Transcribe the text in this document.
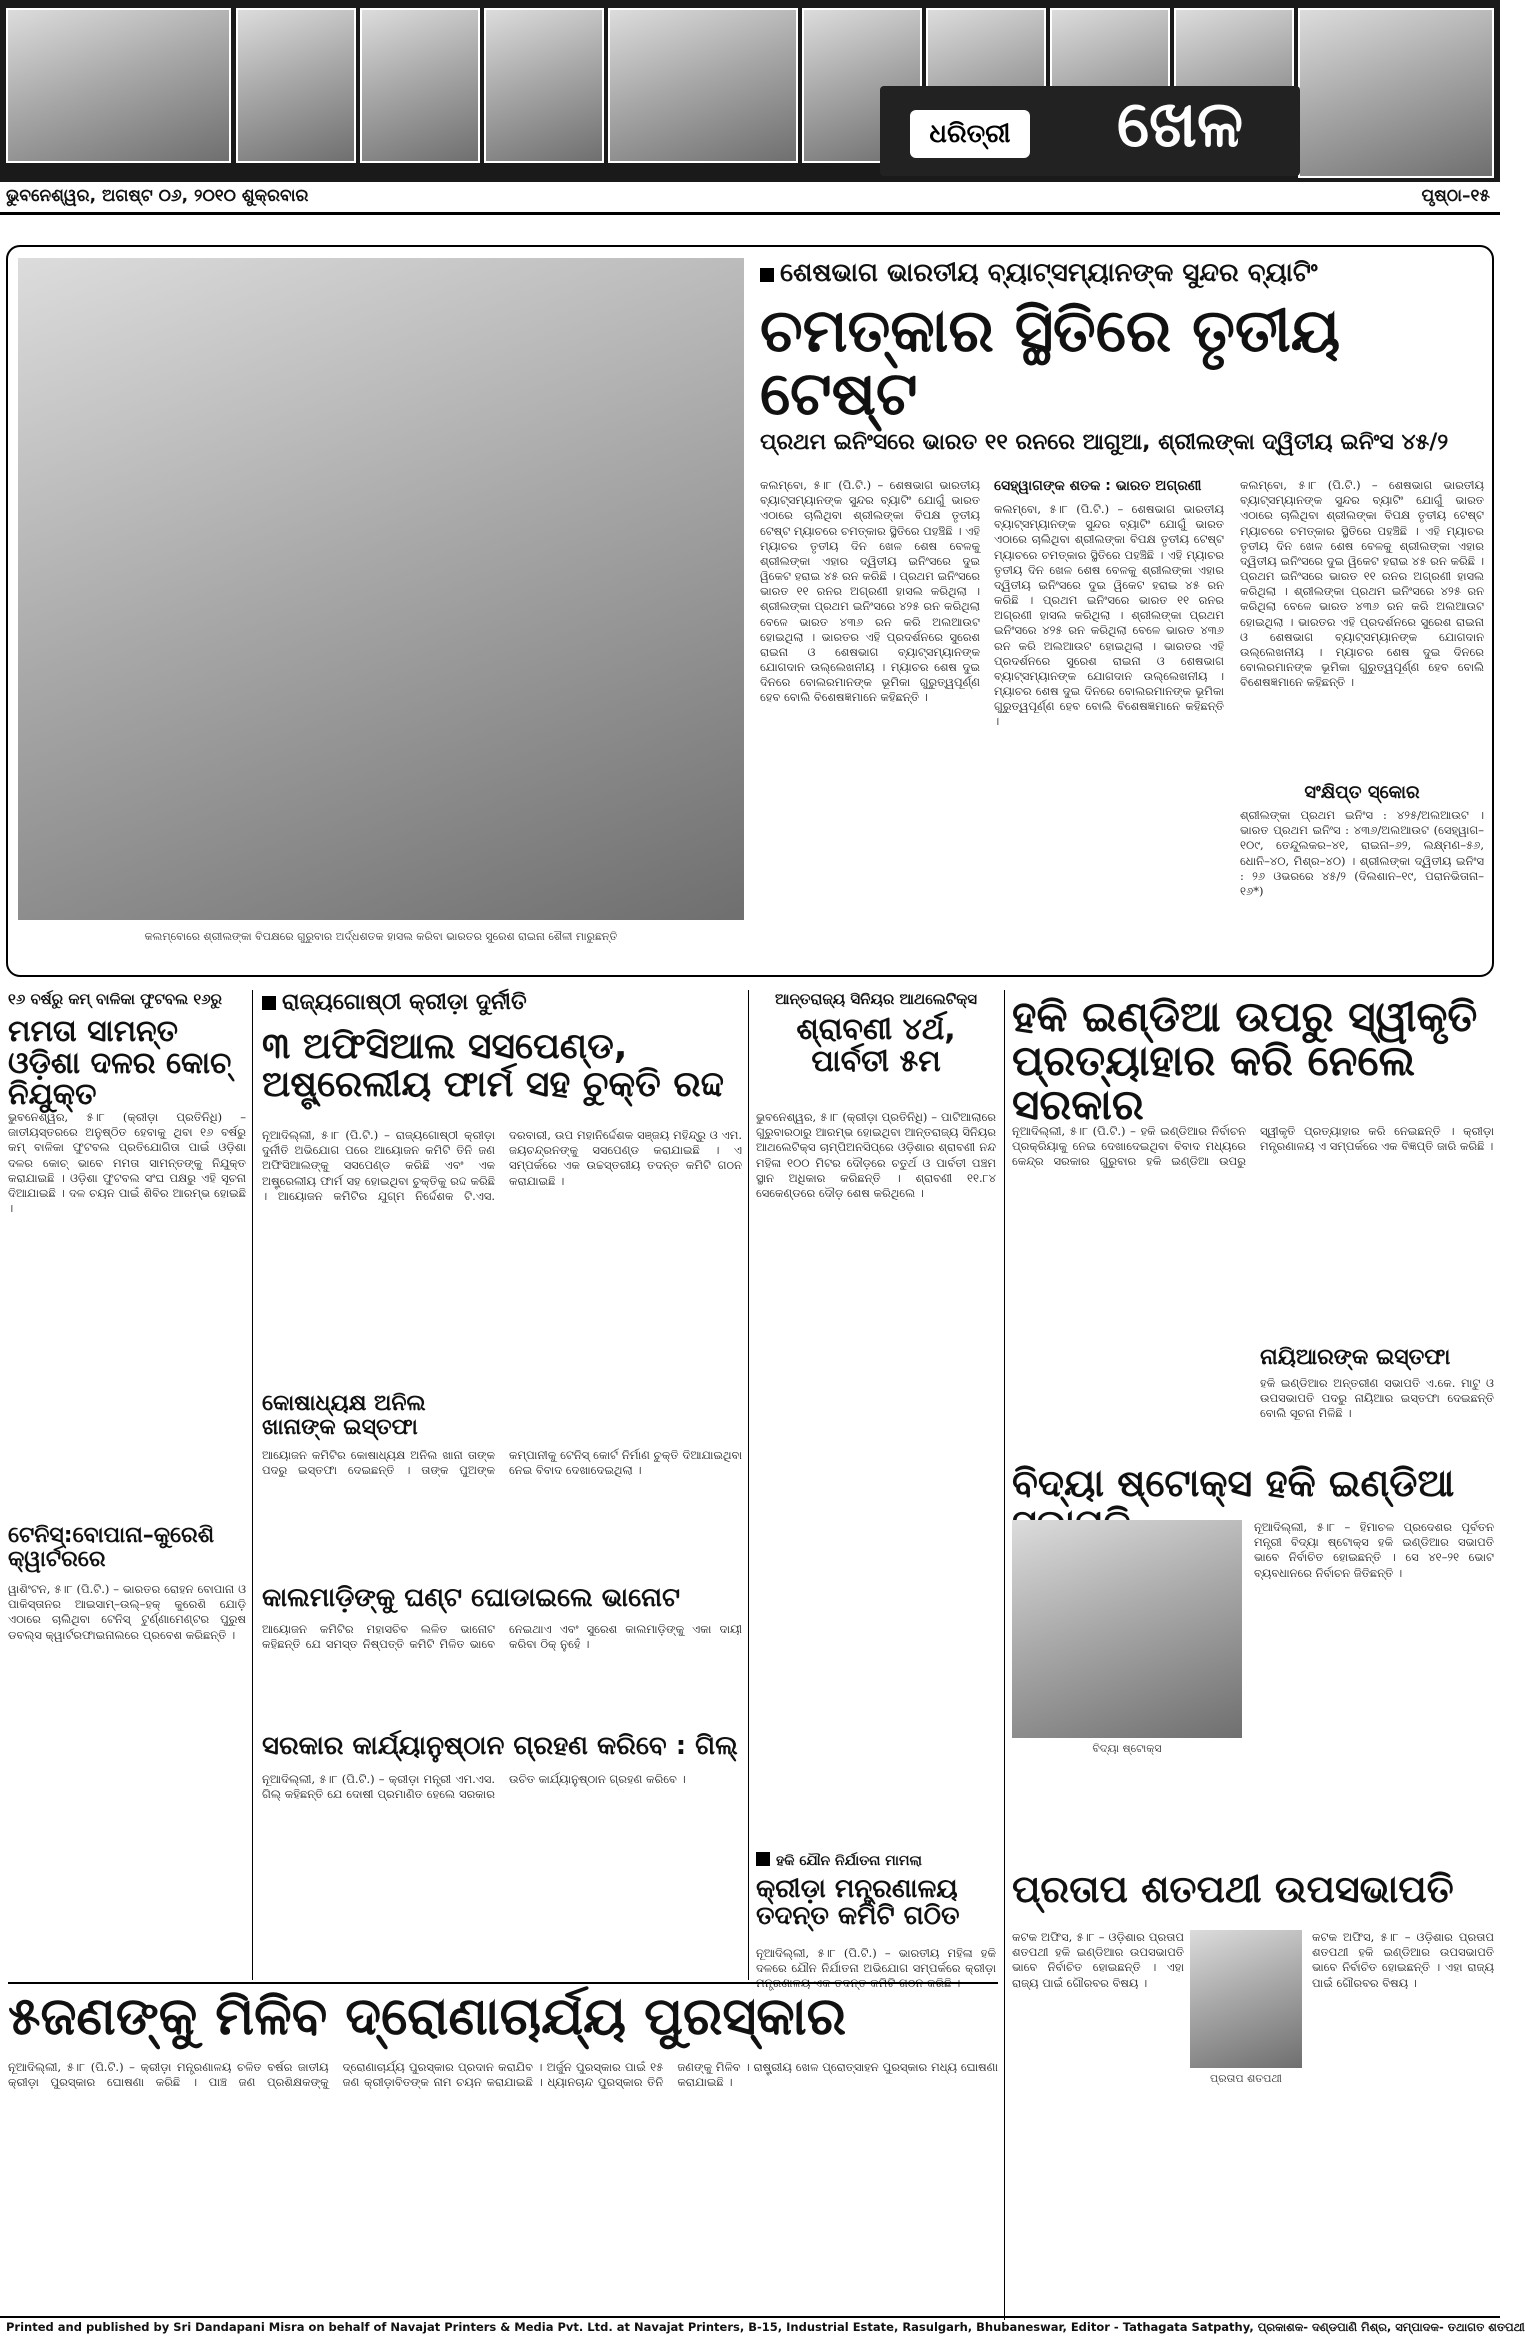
ଧରିତ୍ରୀ	ଖେଳ
ଭୁବନେଶ୍ୱର, ଅଗଷ୍ଟ ୦୬, ୨୦୧୦ ଶୁକ୍ରବାର	ପୃଷ୍ଠା–୧୫
କଲମ୍ବୋରେ ଶ୍ରୀଲଙ୍କା ବିପକ୍ଷରେ ଗୁରୁବାର ଅର୍ଦ୍ଧଶତକ ହାସଲ କରିବା ଭାରତର ସୁରେଶ ରାଇନା ଶୈଳୀ ମାରୁଛନ୍ତି
ଶେଷଭାଗ ଭାରତୀୟ ବ୍ୟାଟ୍ସମ୍ୟାନଙ୍କ ସୁନ୍ଦର ବ୍ୟାଟିଂ
ଚମତ୍କାର ସ୍ଥିତିରେ ତୃତୀୟ ଟେଷ୍ଟ
ପ୍ରଥମ ଇନିଂସରେ ଭାରତ ୧୧ ରନରେ ଆଗୁଆ, ଶ୍ରୀଲଙ୍କା ଦ୍ୱିତୀୟ ଇନିଂସ ୪୫/୨
କଲମ୍ବୋ, ୫।୮ (ପି.ଟି.) – ଶେଷଭାଗ ଭାରତୀୟ ବ୍ୟାଟ୍ସମ୍ୟାନଙ୍କ ସୁନ୍ଦର ବ୍ୟାଟିଂ ଯୋଗୁଁ ଭାରତ ଏଠାରେ ଚାଲିଥିବା ଶ୍ରୀଲଙ୍କା ବିପକ୍ଷ ତୃତୀୟ ଟେଷ୍ଟ ମ୍ୟାଚରେ ଚମତ୍କାର ସ୍ଥିତିରେ ପହଞ୍ଚିଛି । ଏହି ମ୍ୟାଚର ତୃତୀୟ ଦିନ ଖେଳ ଶେଷ ବେଳକୁ ଶ୍ରୀଲଙ୍କା ଏହାର ଦ୍ୱିତୀୟ ଇନିଂସରେ ଦୁଇ ୱିକେଟ ହରାଇ ୪୫ ରନ କରିଛି । ପ୍ରଥମ ଇନିଂସରେ ଭାରତ ୧୧ ରନର ଅଗ୍ରଣୀ ହାସଲ କରିଥିଲା । ଶ୍ରୀଲଙ୍କା ପ୍ରଥମ ଇନିଂସରେ ୪୨୫ ରନ କରିଥିଲା ବେଳେ ଭାରତ ୪୩୬ ରନ କରି ଅଲଆଉଟ ହୋଇଥିଲା । ଭାରତର ଏହି ପ୍ରଦର୍ଶନରେ ସୁରେଶ ରାଇନା ଓ ଶେଷଭାଗ ବ୍ୟାଟ୍ସମ୍ୟାନଙ୍କ ଯୋଗଦାନ ଉଲ୍ଲେଖନୀୟ । ମ୍ୟାଚର ଶେଷ ଦୁଇ ଦିନରେ ବୋଲରମାନଙ୍କ ଭୂମିକା ଗୁରୁତ୍ୱପୂର୍ଣ୍ଣ ହେବ ବୋଲି ବିଶେଷଜ୍ଞମାନେ କହିଛନ୍ତି ।
ସେହ୍ୱାଗଙ୍କ ଶତକ : ଭାରତ ଅଗ୍ରଣୀ
କଲମ୍ବୋ, ୫।୮ (ପି.ଟି.) – ଶେଷଭାଗ ଭାରତୀୟ ବ୍ୟାଟ୍ସମ୍ୟାନଙ୍କ ସୁନ୍ଦର ବ୍ୟାଟିଂ ଯୋଗୁଁ ଭାରତ ଏଠାରେ ଚାଲିଥିବା ଶ୍ରୀଲଙ୍କା ବିପକ୍ଷ ତୃତୀୟ ଟେଷ୍ଟ ମ୍ୟାଚରେ ଚମତ୍କାର ସ୍ଥିତିରେ ପହଞ୍ଚିଛି । ଏହି ମ୍ୟାଚର ତୃତୀୟ ଦିନ ଖେଳ ଶେଷ ବେଳକୁ ଶ୍ରୀଲଙ୍କା ଏହାର ଦ୍ୱିତୀୟ ଇନିଂସରେ ଦୁଇ ୱିକେଟ ହରାଇ ୪୫ ରନ କରିଛି । ପ୍ରଥମ ଇନିଂସରେ ଭାରତ ୧୧ ରନର ଅଗ୍ରଣୀ ହାସଲ କରିଥିଲା । ଶ୍ରୀଲଙ୍କା ପ୍ରଥମ ଇନିଂସରେ ୪୨୫ ରନ କରିଥିଲା ବେଳେ ଭାରତ ୪୩୬ ରନ କରି ଅଲଆଉଟ ହୋଇଥିଲା । ଭାରତର ଏହି ପ୍ରଦର୍ଶନରେ ସୁରେଶ ରାଇନା ଓ ଶେଷଭାଗ ବ୍ୟାଟ୍ସମ୍ୟାନଙ୍କ ଯୋଗଦାନ ଉଲ୍ଲେଖନୀୟ । ମ୍ୟାଚର ଶେଷ ଦୁଇ ଦିନରେ ବୋଲରମାନଙ୍କ ଭୂମିକା ଗୁରୁତ୍ୱପୂର୍ଣ୍ଣ ହେବ ବୋଲି ବିଶେଷଜ୍ଞମାନେ କହିଛନ୍ତି ।
କଲମ୍ବୋ, ୫।୮ (ପି.ଟି.) – ଶେଷଭାଗ ଭାରତୀୟ ବ୍ୟାଟ୍ସମ୍ୟାନଙ୍କ ସୁନ୍ଦର ବ୍ୟାଟିଂ ଯୋଗୁଁ ଭାରତ ଏଠାରେ ଚାଲିଥିବା ଶ୍ରୀଲଙ୍କା ବିପକ୍ଷ ତୃତୀୟ ଟେଷ୍ଟ ମ୍ୟାଚରେ ଚମତ୍କାର ସ୍ଥିତିରେ ପହଞ୍ଚିଛି । ଏହି ମ୍ୟାଚର ତୃତୀୟ ଦିନ ଖେଳ ଶେଷ ବେଳକୁ ଶ୍ରୀଲଙ୍କା ଏହାର ଦ୍ୱିତୀୟ ଇନିଂସରେ ଦୁଇ ୱିକେଟ ହରାଇ ୪୫ ରନ କରିଛି । ପ୍ରଥମ ଇନିଂସରେ ଭାରତ ୧୧ ରନର ଅଗ୍ରଣୀ ହାସଲ କରିଥିଲା । ଶ୍ରୀଲଙ୍କା ପ୍ରଥମ ଇନିଂସରେ ୪୨୫ ରନ କରିଥିଲା ବେଳେ ଭାରତ ୪୩୬ ରନ କରି ଅଲଆଉଟ ହୋଇଥିଲା । ଭାରତର ଏହି ପ୍ରଦର୍ଶନରେ ସୁରେଶ ରାଇନା ଓ ଶେଷଭାଗ ବ୍ୟାଟ୍ସମ୍ୟାନଙ୍କ ଯୋଗଦାନ ଉଲ୍ଲେଖନୀୟ । ମ୍ୟାଚର ଶେଷ ଦୁଇ ଦିନରେ ବୋଲରମାନଙ୍କ ଭୂମିକା ଗୁରୁତ୍ୱପୂର୍ଣ୍ଣ ହେବ ବୋଲି ବିଶେଷଜ୍ଞମାନେ କହିଛନ୍ତି ।
ସଂକ୍ଷିପ୍ତ ସ୍କୋର
ଶ୍ରୀଲଙ୍କା ପ୍ରଥମ ଇନିଂସ : ୪୨୫/ଅଲଆଉଟ । ଭାରତ ପ୍ରଥମ ଇନିଂସ : ୪୩୬/ଅଲଆଉଟ (ସେହ୍ୱାଗ–୧୦୯, ତେନ୍ଦୁଲକର–୪୧, ରାଇନା–୬୨, ଲକ୍ଷ୍ମଣ–୫୬, ଧୋନି–୪୦, ମିଶ୍ର–୪୦) । ଶ୍ରୀଲଙ୍କା ଦ୍ୱିତୀୟ ଇନିଂସ : ୨୬ ଓଭରରେ ୪୫/୨ (ଦିଲଶାନ–୧୯, ପରାନଭିତାନା–୧୬*)
୧୬ ବର୍ଷରୁ କମ୍ ବାଳିକା ଫୁଟବଲ ୧୬ରୁ
ମମତା ସାମନ୍ତ ଓଡ଼ିଶା ଦଳର କୋଚ୍ ନିଯୁକ୍ତ
ଭୁବନେଶ୍ୱର, ୫।୮ (କ୍ରୀଡ଼ା ପ୍ରତିନିଧି) – ଜାତୀୟସ୍ତରରେ ଅନୁଷ୍ଠିତ ହେବାକୁ ଥିବା ୧୬ ବର୍ଷରୁ କମ୍ ବାଳିକା ଫୁଟବଲ ପ୍ରତିଯୋଗିତା ପାଇଁ ଓଡ଼ିଶା ଦଳର କୋଚ୍ ଭାବେ ମମତା ସାମନ୍ତଙ୍କୁ ନିଯୁକ୍ତ କରାଯାଇଛି । ଓଡ଼ିଶା ଫୁଟବଲ ସଂଘ ପକ୍ଷରୁ ଏହି ସୂଚନା ଦିଆଯାଇଛି । ଦଳ ଚୟନ ପାଇଁ ଶିବିର ଆରମ୍ଭ ହୋଇଛି ।
ଟେନିସ୍:ବୋପାନା–କୁରେଶି କ୍ୱାର୍ଟରରେ
ୱାଶିଂଟନ, ୫।୮ (ପି.ଟି.) – ଭାରତର ରୋହନ ବୋପାନା ଓ ପାକିସ୍ତାନର ଆଇସାମ୍–ଉଲ୍–ହକ୍ କୁରେଶି ଯୋଡ଼ି ଏଠାରେ ଚାଲିଥିବା ଟେନିସ୍ ଟୁର୍ଣ୍ଣାମେଣ୍ଟର ପୁରୁଷ ଡବଲ୍ସ କ୍ୱାର୍ଟରଫାଇନାଲରେ ପ୍ରବେଶ କରିଛନ୍ତି ।
ରାଜ୍ୟଗୋଷ୍ଠୀ କ୍ରୀଡ଼ା ଦୁର୍ନୀତି
୩ ଅଫିସିଆଲ ସସପେଣ୍ଡ, ଅଷ୍ଟ୍ରେଲୀୟ ଫାର୍ମ ସହ ଚୁକ୍ତି ରଦ୍ଦ
ନୂଆଦିଲ୍ଲୀ, ୫।୮ (ପି.ଟି.) – ରାଜ୍ୟଗୋଷ୍ଠୀ କ୍ରୀଡ଼ା ଦୁର୍ନୀତି ଅଭିଯୋଗ ପରେ ଆୟୋଜନ କମିଟି ତିନି ଜଣ ଅଫିସିଆଲଙ୍କୁ ସସପେଣ୍ଡ କରିଛି ଏବଂ ଏକ ଅଷ୍ଟ୍ରେଲୀୟ ଫାର୍ମ ସହ ହୋଇଥିବା ଚୁକ୍ତିକୁ ରଦ୍ଦ କରିଛି । ଆୟୋଜନ କମିଟିର ଯୁଗ୍ମ ନିର୍ଦ୍ଦେଶକ ଟି.ଏସ. ଦରବାରୀ, ଉପ ମହାନିର୍ଦ୍ଦେଶକ ସଞ୍ଜୟ ମହିନ୍ଦ୍ରୁ ଓ ଏମ. ଜୟଚନ୍ଦ୍ରନଙ୍କୁ ସସପେଣ୍ଡ କରାଯାଇଛି । ଏ ସମ୍ପର୍କରେ ଏକ ଉଚ୍ଚସ୍ତରୀୟ ତଦନ୍ତ କମିଟି ଗଠନ କରାଯାଇଛି ।
କୋଷାଧ୍ୟକ୍ଷ ଅନିଲ ଖାନାଙ୍କ ଇସ୍ତଫା
ଆୟୋଜନ କମିଟିର କୋଷାଧ୍ୟକ୍ଷ ଅନିଲ ଖାନା ତାଙ୍କ ପଦରୁ ଇସ୍ତଫା ଦେଇଛନ୍ତି । ତାଙ୍କ ପୁଅଙ୍କ କମ୍ପାନୀକୁ ଟେନିସ୍ କୋର୍ଟ ନିର୍ମାଣ ଚୁକ୍ତି ଦିଆଯାଇଥିବା ନେଇ ବିବାଦ ଦେଖାଦେଇଥିଲା ।
କାଲମାଡ଼ିଙ୍କୁ ଘଣ୍ଟ ଘୋଡାଇଲେ ଭାନୋଟ
ଆୟୋଜନ କମିଟିର ମହାସଚିବ ଲଳିତ ଭାନୋଟ କହିଛନ୍ତି ଯେ ସମସ୍ତ ନିଷ୍ପତ୍ତି କମିଟି ମିଳିତ ଭାବେ ନେଇଥାଏ ଏବଂ ସୁରେଶ କାଲମାଡ଼ିଙ୍କୁ ଏକା ଦାୟୀ କରିବା ଠିକ୍ ନୁହେଁ ।
ସରକାର କାର୍ଯ୍ୟାନୁଷ୍ଠାନ ଗ୍ରହଣ କରିବେ : ଗିଲ୍
ନୂଆଦିଲ୍ଲୀ, ୫।୮ (ପି.ଟି.) – କ୍ରୀଡ଼ା ମନ୍ତ୍ରୀ ଏମ.ଏସ. ଗିଲ୍ କହିଛନ୍ତି ଯେ ଦୋଷୀ ପ୍ରମାଣିତ ହେଲେ ସରକାର ଉଚିତ କାର୍ଯ୍ୟାନୁଷ୍ଠାନ ଗ୍ରହଣ କରିବେ ।
ଆନ୍ତରାଜ୍ୟ ସିନିୟର ଆଥଲେଟିକ୍ସ
ଶ୍ରାବଣୀ ୪ର୍ଥ, ପାର୍ବତୀ ୫ମ
ଭୁବନେଶ୍ୱର, ୫।୮ (କ୍ରୀଡ଼ା ପ୍ରତିନିଧି) – ପାଟିଆଲାରେ ଗୁରୁବାରଠାରୁ ଆରମ୍ଭ ହୋଇଥିବା ଆନ୍ତରାଜ୍ୟ ସିନିୟର ଆଥଲେଟିକ୍ସ ଚାମ୍ପିଅନସିପ୍‌ରେ ଓଡ଼ିଶାର ଶ୍ରାବଣୀ ନନ୍ଦ ମହିଳା ୧୦୦ ମିଟର ଦୌଡ଼ରେ ଚତୁର୍ଥ ଓ ପାର୍ବତୀ ପଞ୍ଚମ ସ୍ଥାନ ଅଧିକାର କରିଛନ୍ତି । ଶ୍ରାବଣୀ ୧୧.୮୪ ସେକେଣ୍ଡରେ ଦୌଡ଼ ଶେଷ କରିଥିଲେ ।
ହକି ଯୌନ ନିର୍ଯାତନା ମାମଲା
କ୍ରୀଡ଼ା ମନ୍ତ୍ରଣାଳୟ ତଦନ୍ତ କମିଟି ଗଠିତ
ନୂଆଦିଲ୍ଲୀ, ୫।୮ (ପି.ଟି.) – ଭାରତୀୟ ମହିଳା ହକି ଦଳରେ ଯୌନ ନିର୍ଯାତନା ଅଭିଯୋଗ ସମ୍ପର୍କରେ କ୍ରୀଡ଼ା
ହକି ଇଣ୍ଡିଆ ଉପରୁ ସ୍ୱୀକୃତି ପ୍ରତ୍ୟାହାର କରି ନେଲେ ସରକାର
ନୂଆଦିଲ୍ଲୀ, ୫।୮ (ପି.ଟି.) – ହକି ଇଣ୍ଡିଆର ନିର୍ବାଚନ ପ୍ରକ୍ରିୟାକୁ ନେଇ ଦେଖାଦେଇଥିବା ବିବାଦ ମଧ୍ୟରେ କେନ୍ଦ୍ର ସରକାର ଗୁରୁବାର ହକି ଇଣ୍ଡିଆ ଉପରୁ ସ୍ୱୀକୃତି ପ୍ରତ୍ୟାହାର କରି ନେଇଛନ୍ତି । କ୍ରୀଡ଼ା ମନ୍ତ୍ରଣାଳୟ ଏ ସମ୍ପର୍କରେ ଏକ ବିଜ୍ଞପ୍ତି ଜାରି କରିଛି ।
ନାୟିଆରଙ୍କ ଇସ୍ତଫା
ହକି ଇଣ୍ଡିଆର ଅନ୍ତରୀଣ ସଭାପତି ଏ.କେ. ମାଟୁ ଓ ଉପସଭାପତି ପଦରୁ ନାୟିଆର ଇସ୍ତଫା ଦେଇଛନ୍ତି ବୋଲି ସୂଚନା ମିଳିଛି ।
ବିଦ୍ୟା ଷ୍ଟୋକ୍ସ ହକି ଇଣ୍ଡିଆ
ବିଦ୍ୟା ଷ୍ଟୋକ୍ସ
ନୂଆଦିଲ୍ଲୀ, ୫।୮ – ହିମାଚଳ ପ୍ରଦେଶର ପୂର୍ବତନ ମନ୍ତ୍ରୀ ବିଦ୍ୟା ଷ୍ଟୋକ୍ସ ହକି ଇଣ୍ଡିଆର ସଭାପତି ଭାବେ ନିର୍ବାଚିତ ହୋଇଛନ୍ତି । ସେ ୪୧–୨୧ ଭୋଟ ବ୍ୟବଧାନରେ ନିର୍ବାଚନ ଜିତିଛନ୍ତି ।
ପ୍ରତାପ ଶତପଥୀ ଉପସଭାପତି
କଟକ ଅଫିସ, ୫।୮ – ଓଡ଼ିଶାର ପ୍ରତାପ ଶତପଥୀ ହକି ଇଣ୍ଡିଆର ଉପସଭାପତି ଭାବେ ନିର୍ବାଚିତ ହୋଇଛନ୍ତି । ଏହା ରାଜ୍ୟ ପାଇଁ ଗୌରବର ବିଷୟ ।
ପ୍ରତାପ ଶତପଥୀ
କଟକ ଅଫିସ, ୫।୮ – ଓଡ଼ିଶାର ପ୍ରତାପ ଶତପଥୀ ହକି ଇଣ୍ଡିଆର ଉପସଭାପତି ଭାବେ ନିର୍ବାଚିତ ହୋଇଛନ୍ତି । ଏହା ରାଜ୍ୟ ପାଇଁ ଗୌରବର ବିଷୟ ।
୫ଜଣଙ୍କୁ ମିଳିବ ଦ୍ରୋଣାଚାର୍ଯ୍ୟ ପୁରସ୍କାର
ନୂଆଦିଲ୍ଲୀ, ୫।୮ (ପି.ଟି.) – କ୍ରୀଡ଼ା ମନ୍ତ୍ରଣାଳୟ ଚଳିତ ବର୍ଷର ଜାତୀୟ କ୍ରୀଡ଼ା ପୁରସ୍କାର ଘୋଷଣା କରିଛି । ପାଞ୍ଚ ଜଣ ପ୍ରଶିକ୍ଷକଙ୍କୁ ଦ୍ରୋଣାଚାର୍ଯ୍ୟ ପୁରସ୍କାର ପ୍ରଦାନ କରାଯିବ । ଅର୍ଜୁନ ପୁରସ୍କାର ପାଇଁ ୧୫ ଜଣ କ୍ରୀଡ଼ାବିତଙ୍କ ନାମ ଚୟନ କରାଯାଇଛି । ଧ୍ୟାନଚାନ୍ଦ ପୁରସ୍କାର ତିନି ଜଣଙ୍କୁ ମିଳିବ । ରାଷ୍ଟ୍ରୀୟ ଖେଳ ପ୍ରୋତ୍ସାହନ ପୁରସ୍କାର ମଧ୍ୟ ଘୋଷଣା କରାଯାଇଛି ।
Printed and published by Sri Dandapani Misra on behalf of Navajat Printers & Media Pvt. Ltd. at Navajat Printers, B-15, Industrial Estate, Rasulgarh, Bhubaneswar, Editor - Tathagata Satpathy, ପ୍ରକାଶକ- ଦଣ୍ଡପାଣି ମିଶ୍ର, ସମ୍ପାଦକ- ତଥାଗତ ଶତପଥୀ
